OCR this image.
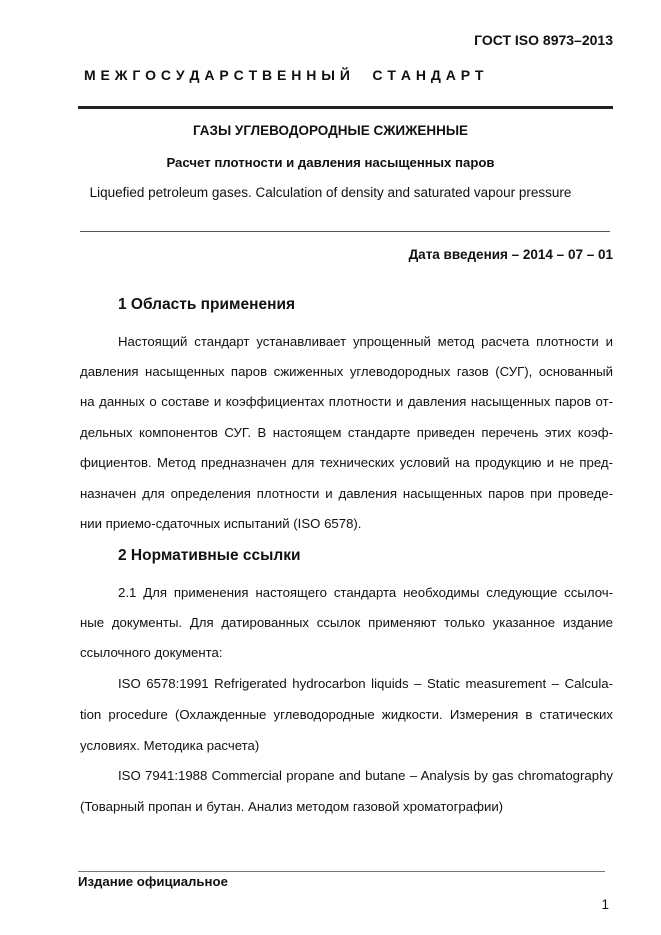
ГОСТ ISO 8973–2013
М Е Ж Г О С У Д А Р С Т В Е Н Н Ы Й     С Т А Н Д А Р Т
ГАЗЫ УГЛЕВОДОРОДНЫЕ СЖИЖЕННЫЕ
Расчет плотности и давления насыщенных паров
Liquefied petroleum gases. Calculation of density and saturated vapour pressure
Дата введения – 2014 – 07 – 01
1 Область применения
Настоящий стандарт устанавливает упрощенный метод расчета плотности и
давления насыщенных паров сжиженных углеводородных газов (СУГ), основанный
на данных о составе и коэффициентах плотности и давления насыщенных паров от-
дельных компонентов СУГ. В настоящем стандарте приведен перечень этих коэф-
фициентов. Метод предназначен для технических условий на продукцию и не пред-
назначен для определения плотности и давления насыщенных паров при проведе-
нии приемо-сдаточных испытаний (ISO 6578).
2 Нормативные ссылки
2.1 Для применения настоящего стандарта необходимы следующие ссылоч-
ные документы. Для датированных ссылок применяют только указанное издание
ссылочного документа:
ISO 6578:1991 Refrigerated hydrocarbon liquids – Static measurement – Calcula-
tion procedure (Охлажденные углеводородные жидкости. Измерения в статических
условиях. Методика расчета)
ISO 7941:1988 Commercial propane and butane – Analysis by gas chromatography
(Товарный пропан и бутан. Анализ методом газовой хроматографии)
Издание официальное
1
